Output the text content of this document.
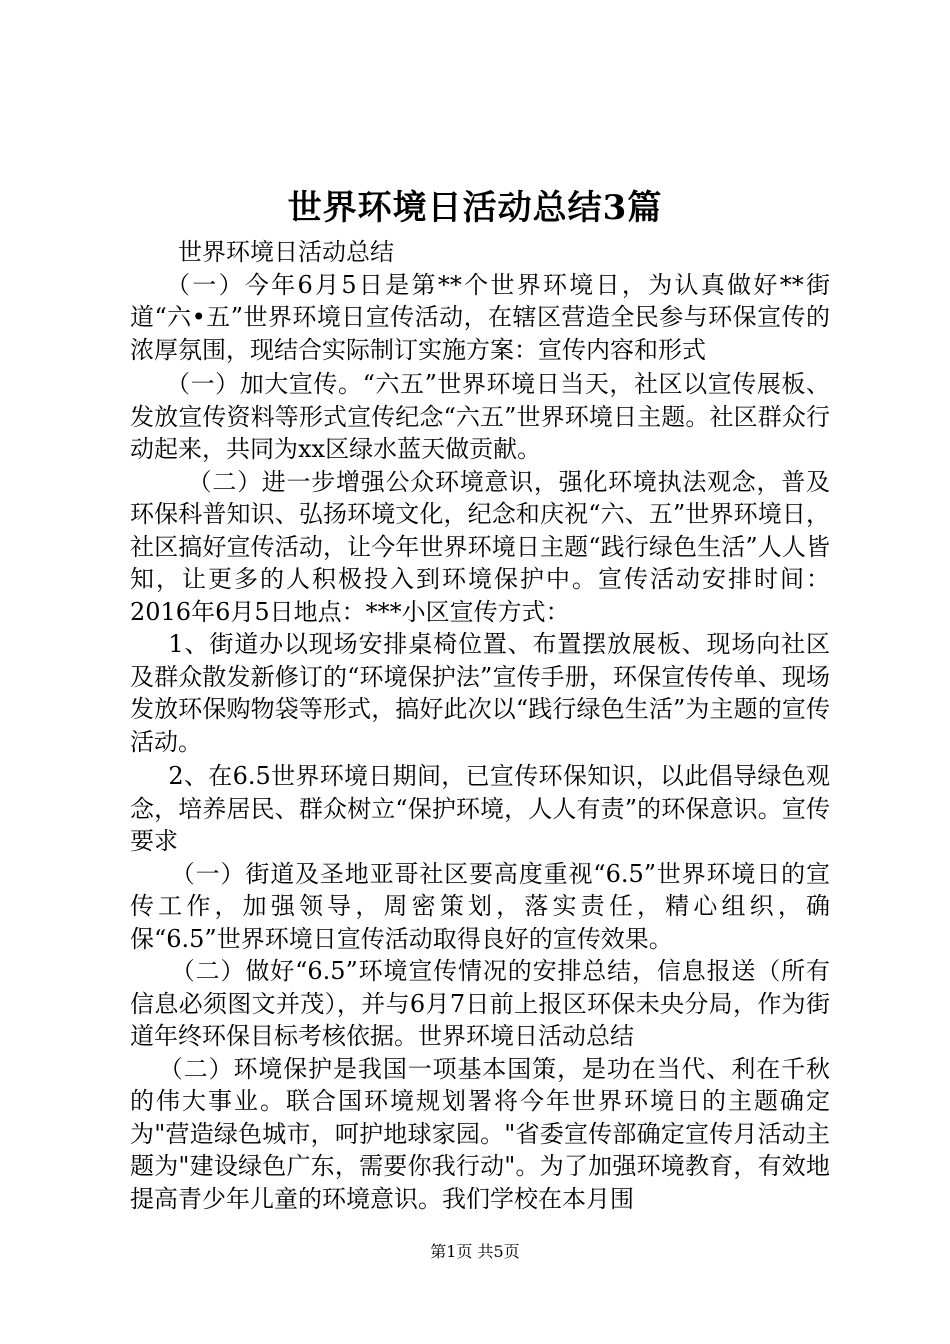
世界环境日活动总结3篇

世界环境日活动总结

（一）今年6月5日是第**个世界环境日，为认真做好**街道“六•五”世界环境日宣传活动，在辖区营造全民参与环保宣传的浓厚氛围，现结合实际制订实施方案：宣传内容和形式

（一）加大宣传。“六五”世界环境日当天，社区以宣传展板、发放宣传资料等形式宣传纪念“六五”世界环境日主题。社区群众行动起来，共同为xx区绿水蓝天做贡献。

（二）进一步增强公众环境意识，强化环境执法观念，普及环保科普知识、弘扬环境文化，纪念和庆祝“六、五”世界环境日，社区搞好宣传活动，让今年世界环境日主题“践行绿色生活”人人皆知，让更多的人积极投入到环境保护中。宣传活动安排时间：2016年6月5日地点：***小区宣传方式：

1、街道办以现场安排桌椅位置、布置摆放展板、现场向社区及群众散发新修订的“环境保护法”宣传手册，环保宣传传单、现场发放环保购物袋等形式，搞好此次以“践行绿色生活”为主题的宣传活动。

2、在6.5世界环境日期间，已宣传环保知识，以此倡导绿色观念，培养居民、群众树立“保护环境，人人有责”的环保意识。宣传要求

（一）街道及圣地亚哥社区要高度重视“6.5”世界环境日的宣传工作，加强领导，周密策划，落实责任，精心组织，确保“6.5”世界环境日宣传活动取得良好的宣传效果。

（二）做好“6.5”环境宣传情况的安排总结，信息报送（所有信息必须图文并茂），并与6月7日前上报区环保未央分局，作为街道年终环保目标考核依据。世界环境日活动总结

（二）环境保护是我国一项基本国策，是功在当代、利在千秋的伟大事业。联合国环境规划署将今年世界环境日的主题确定为"营造绿色城市，呵护地球家园。"省委宣传部确定宣传月活动主题为"建设绿色广东，需要你我行动"。为了加强环境教育，有效地提高青少年儿童的环境意识。我们学校在本月围

第1页 共5页
